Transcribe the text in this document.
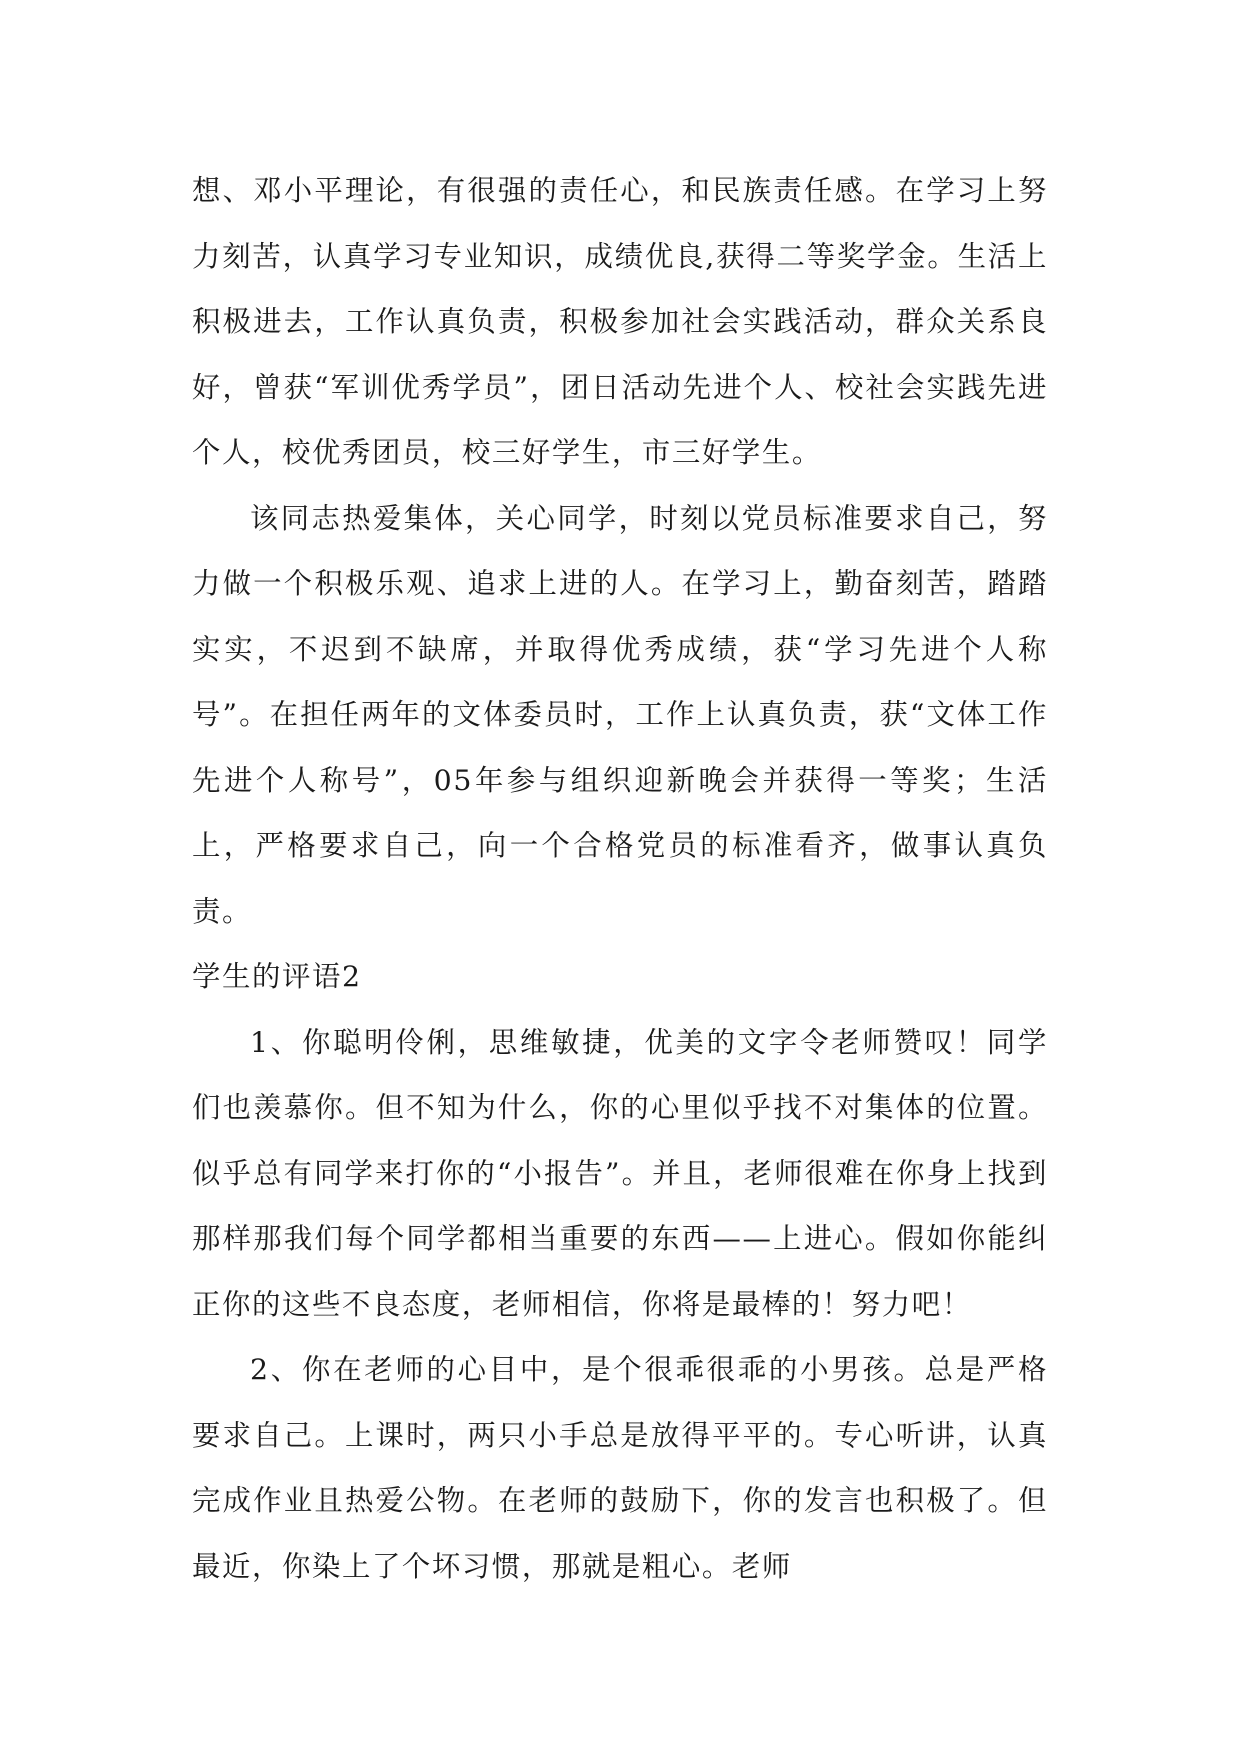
想、邓小平理论，有很强的责任心，和民族责任感。在学习上努力刻苦，认真学习专业知识，成绩优良,获得二等奖学金。生活上积极进去，工作认真负责，积极参加社会实践活动，群众关系良好，曾获“军训优秀学员”，团日活动先进个人、校社会实践先进个人，校优秀团员，校三好学生，市三好学生。

该同志热爱集体，关心同学，时刻以党员标准要求自己，努力做一个积极乐观、追求上进的人。在学习上，勤奋刻苦，踏踏实实，不迟到不缺席，并取得优秀成绩，获“学习先进个人称号”。在担任两年的文体委员时，工作上认真负责，获“文体工作先进个人称号”，05年参与组织迎新晚会并获得一等奖；生活上，严格要求自己，向一个合格党员的标准看齐，做事认真负责。

学生的评语2

1、你聪明伶俐，思维敏捷，优美的文字令老师赞叹！同学们也羡慕你。但不知为什么，你的心里似乎找不对集体的位置。似乎总有同学来打你的“小报告”。并且，老师很难在你身上找到那样那我们每个同学都相当重要的东西——上进心。假如你能纠正你的这些不良态度，老师相信，你将是最棒的！努力吧！

2、你在老师的心目中，是个很乖很乖的小男孩。总是严格要求自己。上课时，两只小手总是放得平平的。专心听讲，认真完成作业且热爱公物。在老师的鼓励下，你的发言也积极了。但最近，你染上了个坏习惯，那就是粗心。老师
